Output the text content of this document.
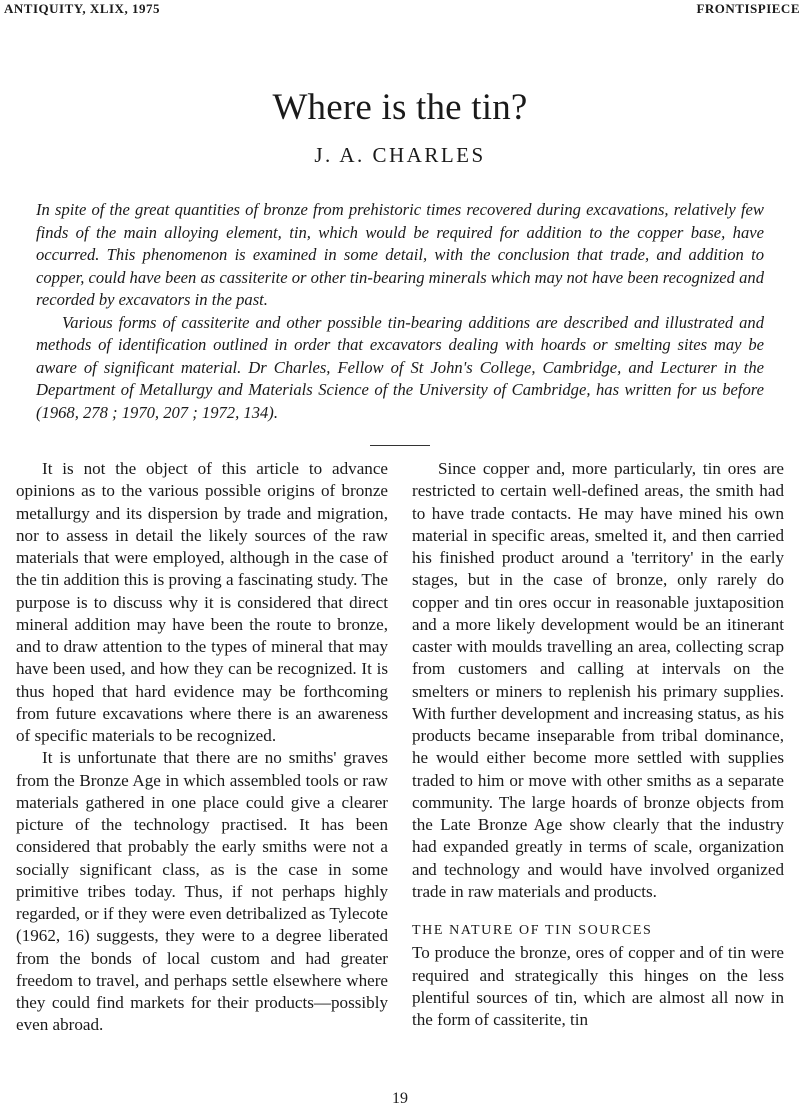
ANTIQUITY, XLIX, 1975	FRONTISPIECE
Where is the tin?
J. A. CHARLES

In spite of the great quantities of bronze from prehistoric times recovered during excavations, relatively few finds of the main alloying element, tin, which would be required for addition to the copper base, have occurred. This phenomenon is examined in some detail, with the conclusion that trade, and addition to copper, could have been as cassiterite or other tin-bearing minerals which may not have been recognized and recorded by excavators in the past.

Various forms of cassiterite and other possible tin-bearing additions are described and illustrated and methods of identification outlined in order that excavators dealing with hoards or smelting sites may be aware of significant material. Dr Charles, Fellow of St John's College, Cambridge, and Lecturer in the Department of Metallurgy and Materials Science of the University of Cambridge, has written for us before (1968, 278 ; 1970, 207 ; 1972, 134).

It is not the object of this article to advance opinions as to the various possible origins of bronze metallurgy and its dispersion by trade and migration, nor to assess in detail the likely sources of the raw materials that were employed, although in the case of the tin addition this is proving a fascinating study. The purpose is to discuss why it is considered that direct mineral addition may have been the route to bronze, and to draw attention to the types of mineral that may have been used, and how they can be recognized. It is thus hoped that hard evidence may be forthcoming from future excavations where there is an awareness of specific materials to be recognized.

It is unfortunate that there are no smiths' graves from the Bronze Age in which assembled tools or raw materials gathered in one place could give a clearer picture of the technology practised. It has been considered that probably the early smiths were not a socially significant class, as is the case in some primitive tribes today. Thus, if not perhaps highly regarded, or if they were even detribalized as Tylecote (1962, 16) suggests, they were to a degree liberated from the bonds of local custom and had greater freedom to travel, and perhaps settle elsewhere where they could find markets for their products—possibly even abroad.

Since copper and, more particularly, tin ores are restricted to certain well-defined areas, the smith had to have trade contacts. He may have mined his own material in specific areas, smelted it, and then carried his finished product around a 'territory' in the early stages, but in the case of bronze, only rarely do copper and tin ores occur in reasonable juxtaposition and a more likely development would be an itinerant caster with moulds travelling an area, collecting scrap from customers and calling at intervals on the smelters or miners to replenish his primary supplies. With further development and increasing status, as his products became inseparable from tribal dominance, he would either become more settled with supplies traded to him or move with other smiths as a separate community. The large hoards of bronze objects from the Late Bronze Age show clearly that the industry had expanded greatly in terms of scale, organization and technology and would have involved organized trade in raw materials and products.

THE NATURE OF TIN SOURCES

To produce the bronze, ores of copper and of tin were required and strategically this hinges on the less plentiful sources of tin, which are almost all now in the form of cassiterite, tin

19
